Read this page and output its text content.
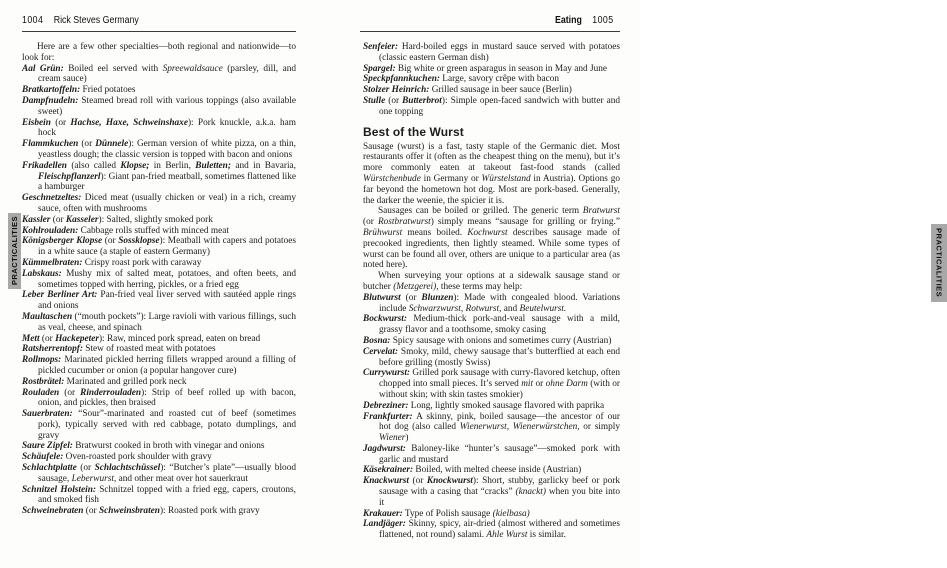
1004 Rick Steves Germany
Here are a few other specialties—both regional and nationwide—to look for:
Aal Grün: Boiled eel served with Spreewaldsauce (parsley, dill, and cream sauce)
Bratkartoffeln: Fried potatoes
Dampfnudeln: Steamed bread roll with various toppings (also available sweet)
Eisbein (or Hachse, Haxe, Schweinshaxe): Pork knuckle, a.k.a. ham hock
Flammkuchen (or Dünnele): German version of white pizza, on a thin, yeastless dough; the classic version is topped with bacon and onions
Frikadellen (also called Klopse; in Berlin, Buletten; and in Bavaria, Fleischpflanzerl): Giant pan-fried meatball, sometimes flattened like a hamburger
Geschnetzeltes: Diced meat (usually chicken or veal) in a rich, creamy sauce, often with mushrooms
Kassler (or Kasseler): Salted, slightly smoked pork
Kohlrouladen: Cabbage rolls stuffed with minced meat
Königsberger Klopse (or Sossklopse): Meatball with capers and potatoes in a white sauce (a staple of eastern Germany)
Kümmelbraten: Crispy roast pork with caraway
Labskaus: Mushy mix of salted meat, potatoes, and often beets, and sometimes topped with herring, pickles, or a fried egg
Leber Berliner Art: Pan-fried veal liver served with sautéed apple rings and onions
Maultaschen (“mouth pockets”): Large ravioli with various fillings, such as veal, cheese, and spinach
Mett (or Hackepeter): Raw, minced pork spread, eaten on bread
Ratsherrentopf: Stew of roasted meat with potatoes
Rollmops: Marinated pickled herring fillets wrapped around a filling of pickled cucumber or onion (a popular hangover cure)
Rostbrätel: Marinated and grilled pork neck
Rouladen (or Rinderrouladen): Strip of beef rolled up with bacon, onion, and pickles, then braised
Sauerbraten: “Sour”-marinated and roasted cut of beef (sometimes pork), typically served with red cabbage, potato dumplings, and gravy
Saure Zipfel: Bratwurst cooked in broth with vinegar and onions
Schäufele: Oven-roasted pork shoulder with gravy
Schlachtplatte (or Schlachtschüssel): “Butcher’s plate”—usually blood sausage, Leberwurst, and other meat over hot sauerkraut
Schnitzel Holstein: Schnitzel topped with a fried egg, capers, croutons, and smoked fish
Schweinebraten (or Schweinsbraten): Roasted pork with gravy
PRACTICALITIES
Eating 1005
Senfeier: Hard-boiled eggs in mustard sauce served with potatoes (classic eastern German dish)
Spargel: Big white or green asparagus in season in May and June
Speckpfannkuchen: Large, savory crêpe with bacon
Stolzer Heinrich: Grilled sausage in beer sauce (Berlin)
Stulle (or Butterbrot): Simple open-faced sandwich with butter and one topping
Best of the Wurst
Sausage (wurst) is a fast, tasty staple of the Germanic diet. Most restaurants offer it (often as the cheapest thing on the menu), but it’s more commonly eaten at takeout fast-food stands (called Würstchenbude in Germany or Würstelstand in Austria). Options go far beyond the hometown hot dog. Most are pork-based. Generally, the darker the weenie, the spicier it is.
Sausages can be boiled or grilled. The generic term Bratwurst (or Rostbratwurst) simply means “sausage for grilling or frying.” Brühwurst means boiled. Kochwurst describes sausage made of precooked ingredients, then lightly steamed. While some types of wurst can be found all over, others are unique to a particular area (as noted here).
When surveying your options at a sidewalk sausage stand or butcher (Metzgerei), these terms may help:
Blutwurst (or Blunzen): Made with congealed blood. Variations include Schwarzwurst, Rotwurst, and Beutelwurst.
Bockwurst: Medium-thick pork-and-veal sausage with a mild, grassy flavor and a toothsome, smoky casing
Bosna: Spicy sausage with onions and sometimes curry (Austrian)
Cervelat: Smoky, mild, chewy sausage that’s butterflied at each end before grilling (mostly Swiss)
Currywurst: Grilled pork sausage with curry-flavored ketchup, often chopped into small pieces. It’s served mit or ohne Darm (with or without skin; with skin tastes smokier)
Debreziner: Long, lightly smoked sausage flavored with paprika
Frankfurter: A skinny, pink, boiled sausage—the ancestor of our hot dog (also called Wienerwurst, Wienerwürstchen, or simply Wiener)
Jagdwurst: Baloney-like “hunter’s sausage”—smoked pork with garlic and mustard
Käsekrainer: Boiled, with melted cheese inside (Austrian)
Knackwurst (or Knockwurst): Short, stubby, garlicky beef or pork sausage with a casing that “cracks” (knackt) when you bite into it
Krakauer: Type of Polish sausage (kielbasa)
Landjäger: Skinny, spicy, air-dried (almost withered and sometimes flattened, not round) salami. Ahle Wurst is similar.
PRACTICALITIES
